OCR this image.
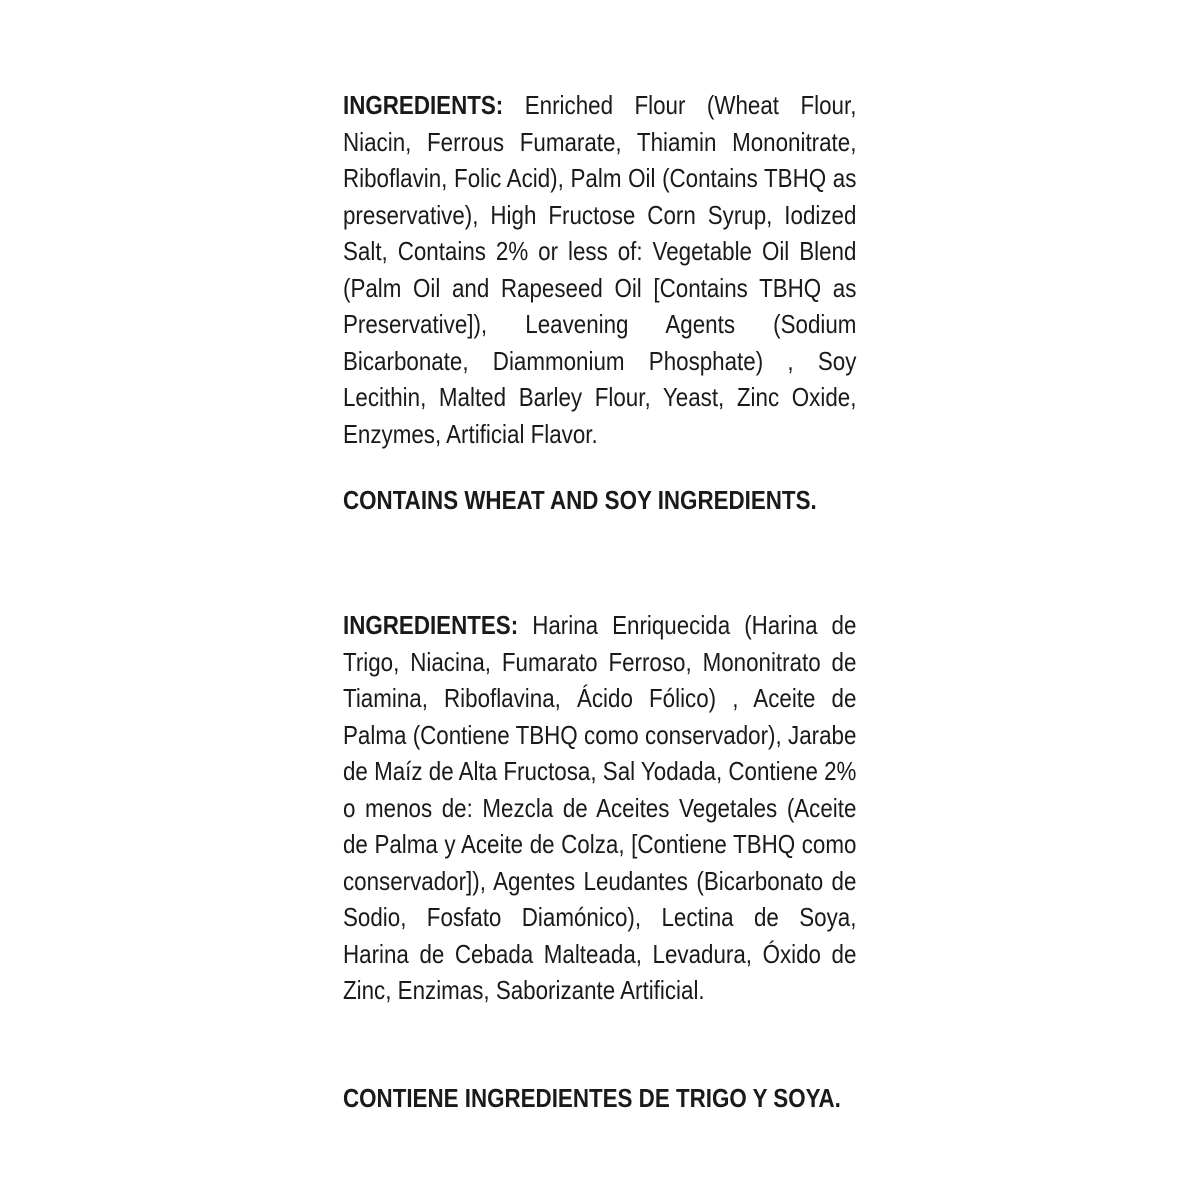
INGREDIENTS: Enriched Flour (Wheat Flour, Niacin, Ferrous Fumarate, Thiamin Mononitrate, Riboflavin, Folic Acid), Palm Oil (Contains TBHQ as preservative), High Fructose Corn Syrup, Iodized Salt, Contains 2% or less of: Vegetable Oil Blend (Palm Oil and Rapeseed Oil [Contains TBHQ as Preservative]), Leavening Agents (Sodium Bicarbonate, Diammonium Phosphate) , Soy Lecithin, Malted Barley Flour, Yeast, Zinc Oxide, Enzymes, Artificial Flavor.

CONTAINS WHEAT AND SOY INGREDIENTS.

INGREDIENTES: Harina Enriquecida (Harina de Trigo, Niacina, Fumarato Ferroso, Mononitrato de Tiamina, Riboflavina, Ácido Fólico) , Aceite de Palma (Contiene TBHQ como conservador), Jarabe de Maíz de Alta Fructosa, Sal Yodada, Contiene 2% o menos de: Mezcla de Aceites Vegetales (Aceite de Palma y Aceite de Colza, [Contiene TBHQ como conservador]), Agentes Leudantes (Bicarbonato de Sodio, Fosfato Diamónico), Lectina de Soya, Harina de Cebada Malteada, Levadura, Óxido de Zinc, Enzimas, Saborizante Artificial.

CONTIENE INGREDIENTES DE TRIGO Y SOYA.
